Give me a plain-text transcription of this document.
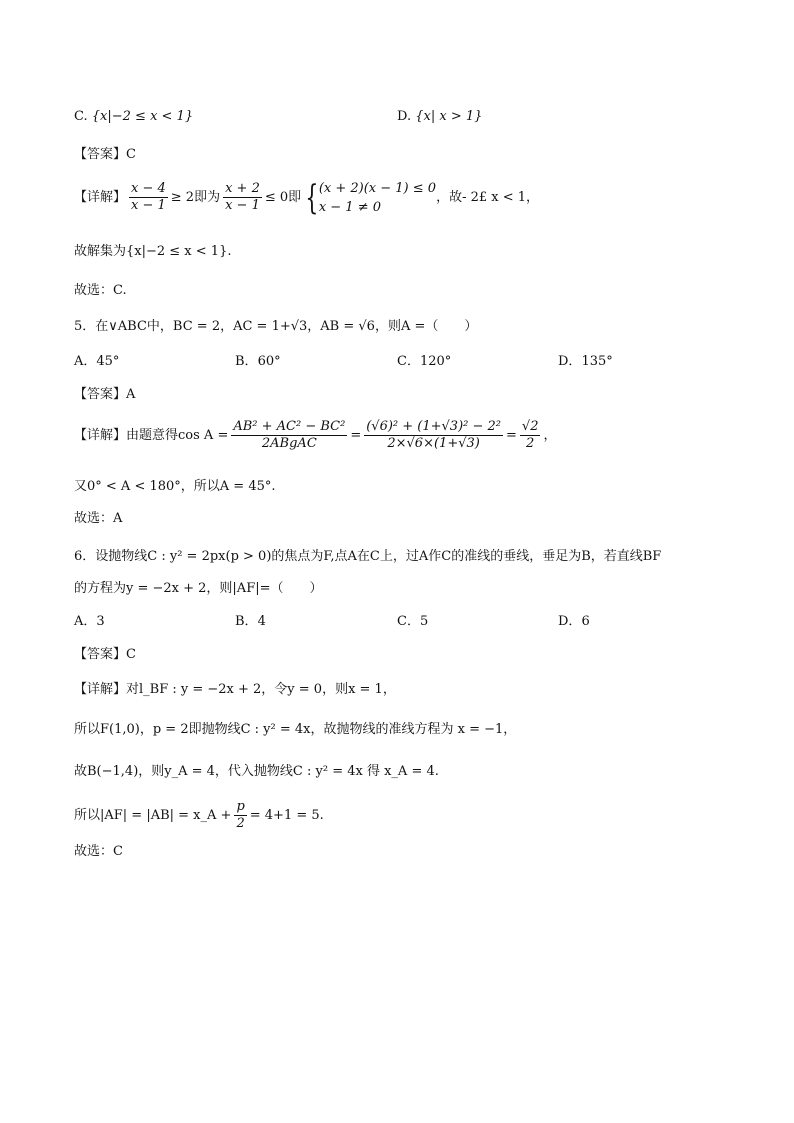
C. {x|−2 ≤ x < 1}	D. {x| x > 1}
【答案】C
【详解】 $\frac{x - 4}{x - 1} \ge 2$即为 $\frac{x + 2}{x - 1} \le 0$即 { (x + 2)(x − 1) ≤ 0
x − 1 ≠ 0
，故- 2£ x < 1，
故解集为{x|−2 ≤ x < 1}.
故选：C.
5．在∨ABC中，BC = 2，AC = 1+√3，AB = √6，则A =（　　）
A．45°	B．60°	C．120°	D．135°
【答案】A
【详解】由题意得$\cos A = \frac{\text{AB² + AC² − BC²}}{\text{2ABgAC}} = \frac{\text{(√6)² + (1+√3)² − 2²}}{2\times√6\times(1+√3)} = \frac{√2}{2}$ ，
又0° < A < 180°，所以A = 45°.
故选：A
6．设抛物线C : y² = 2px(p > 0)的焦点为F,点A在C上，过A作C的准线的垂线，垂足为B，若直线BF
的方程为y = −2x + 2，则|AF|=（　　）
A．3	B．4	C．5	D．6
【答案】C
【详解】对l_BF : y = −2x + 2，令y = 0，则x = 1，
所以F(1,0)，p = 2即抛物线C : y² = 4x，故抛物线的准线方程为 x = −1，
故B(−1,4)，则y_A = 4，代入抛物线C : y² = 4x 得 x_A = 4.
所以|AF| = |AB| = x_A + $\frac{p}{2} = 4+1 = 5$.
故选：C
